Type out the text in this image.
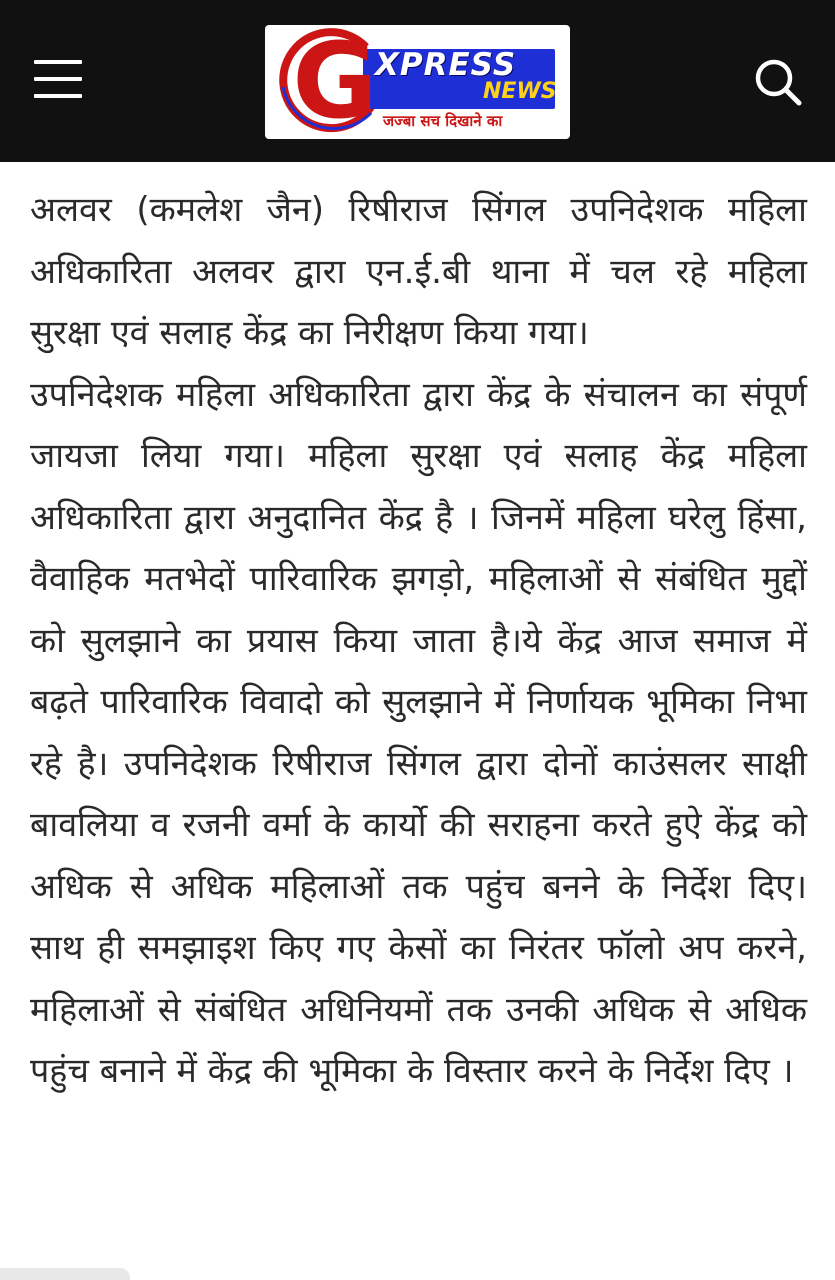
G
XPRESS
NEWS
जज्बा सच दिखाने का

अलवर (कमलेश जैन) रिषीराज सिंगल उपनिदेशक महिला अधिकारिता अलवर द्वारा एन.ई.बी थाना में चल रहे महिला सुरक्षा एवं सलाह केंद्र का निरीक्षण किया गया।

उपनिदेशक महिला अधिकारिता द्वारा केंद्र के संचालन का संपूर्ण जायजा लिया गया। महिला सुरक्षा एवं सलाह केंद्र महिला अधिकारिता द्वारा अनुदानित केंद्र है । जिनमें महिला घरेलु हिंसा, वैवाहिक मतभेदों पारिवारिक झगड़ो, महिलाओं से संबंधित मुद्दों को सुलझाने का प्रयास किया जाता है।ये केंद्र आज समाज में बढ़ते पारिवारिक विवादो को सुलझाने में निर्णायक भूमिका निभा रहे है। उपनिदेशक रिषीराज सिंगल द्वारा दोनों काउंसलर साक्षी बावलिया व रजनी वर्मा के कार्यो की सराहना करते हुऐ केंद्र को अधिक से अधिक महिलाओं तक पहुंच बनने के निर्देश दिए। साथ ही समझाइश किए गए केसों का निरंतर फॉलो अप करने, महिलाओं से संबंधित अधिनियमों तक उनकी अधिक से अधिक पहुंच बनाने में केंद्र की भूमिका के विस्तार करने के निर्देश दिए ।
